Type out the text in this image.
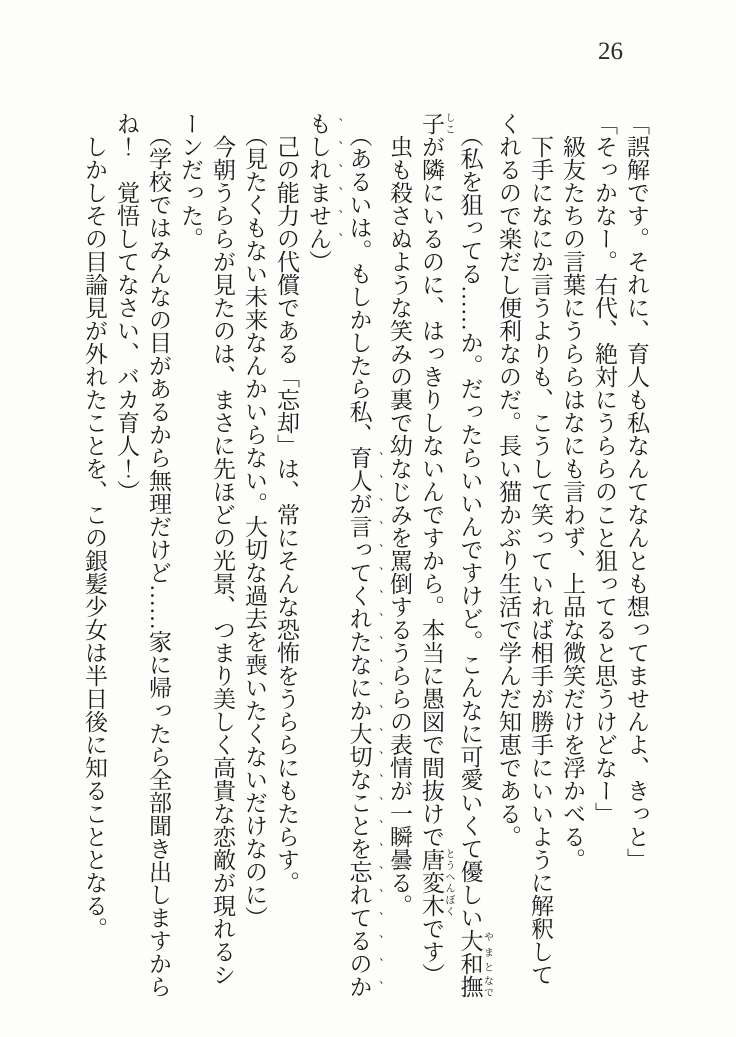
26

「誤解です。それに、育人も私なんてなんとも想ってませんよ、きっと」

「そっかなー。右代、絶対にうららのこと狙ってると思うけどなー」

級友たちの言葉にうららはなにも言わず、上品な微笑だけを浮かべる。

下手になにか言うよりも、こうして笑っていれば相手が勝手にいいように解釈して

くれるので楽だし便利なのだ。長い猫かぶり生活で学んだ知恵である。

（私を狙ってる……か。だったらいいんですけど。こんなに可愛いくて優しい大和 やまと撫 なで

子 しこが隣にいるのに、はっきりしないんですから。本当に愚図で間抜けで唐変木 とうへんぼくです）

虫も殺さぬような笑みの裏で幼なじみを罵倒するうららの表情が一瞬曇る。

（あるいは。もしかしたら私、育、人、が、言、っ、て、く、れ、た、な、に、か、大、切、な、こ、と、を、忘、れ、て、る、の、か、

も、し、れ、ま、せ、ん、）

己の能力の代償である「忘却」は、常にそんな恐怖をうららにもたらす。

（見たくもない未来なんかいらない。大切な過去を喪いたくないだけなのに）

今朝うららが見たのは、まさに先ほどの光景、つまり美しく高貴な恋敵が現れるシ

ーンだった。

（学校ではみんなの目があるから無理だけど……家に帰ったら全部聞き出しますから

ね！　覚悟してなさい、バカ育人！）

しかしその目論見が外れたことを、この銀髪少女は半日後に知ることとなる。
